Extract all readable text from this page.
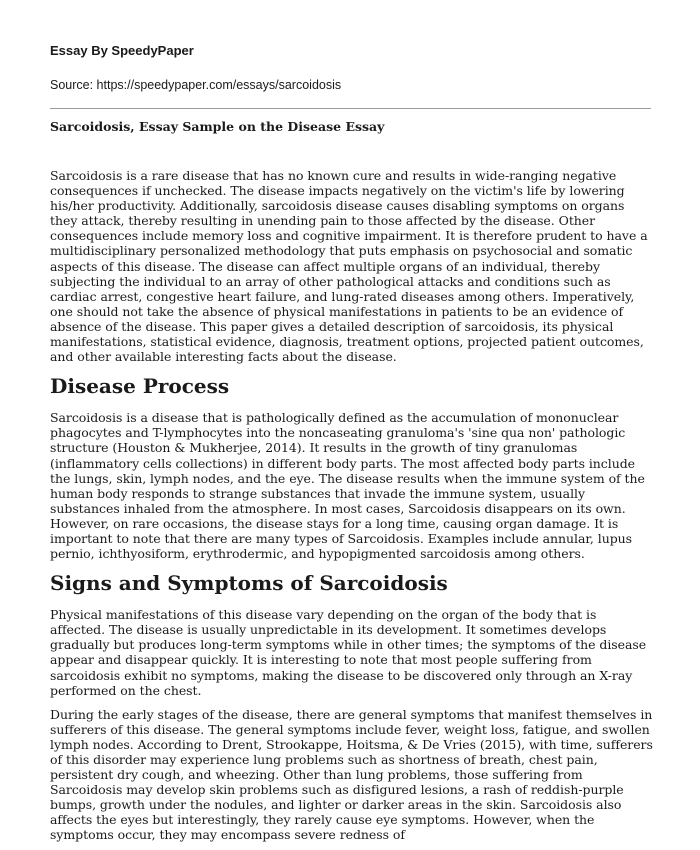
Essay By SpeedyPaper

Source: https://speedypaper.com/essays/sarcoidosis

Sarcoidosis, Essay Sample on the Disease Essay

Sarcoidosis is a rare disease that has no known cure and results in wide-ranging negative consequences if unchecked. The disease impacts negatively on the victim's life by lowering his/her productivity. Additionally, sarcoidosis disease causes disabling symptoms on organs they attack, thereby resulting in unending pain to those affected by the disease. Other consequences include memory loss and cognitive impairment. It is therefore prudent to have a multidisciplinary personalized methodology that puts emphasis on psychosocial and somatic aspects of this disease. The disease can affect multiple organs of an individual, thereby subjecting the individual to an array of other pathological attacks and conditions such as cardiac arrest, congestive heart failure, and lung-rated diseases among others. Imperatively, one should not take the absence of physical manifestations in patients to be an evidence of absence of the disease. This paper gives a detailed description of sarcoidosis, its physical manifestations, statistical evidence, diagnosis, treatment options, projected patient outcomes, and other available interesting facts about the disease.

Disease Process

Sarcoidosis is a disease that is pathologically defined as the accumulation of mononuclear phagocytes and T-lymphocytes into the noncaseating granuloma's 'sine qua non' pathologic structure (Houston & Mukherjee, 2014). It results in the growth of tiny granulomas (inflammatory cells collections) in different body parts. The most affected body parts include the lungs, skin, lymph nodes, and the eye. The disease results when the immune system of the human body responds to strange substances that invade the immune system, usually substances inhaled from the atmosphere. In most cases, Sarcoidosis disappears on its own. However, on rare occasions, the disease stays for a long time, causing organ damage. It is important to note that there are many types of Sarcoidosis. Examples include annular, lupus pernio, ichthyosiform, erythrodermic, and hypopigmented sarcoidosis among others.

Signs and Symptoms of Sarcoidosis

Physical manifestations of this disease vary depending on the organ of the body that is affected. The disease is usually unpredictable in its development. It sometimes develops gradually but produces long-term symptoms while in other times; the symptoms of the disease appear and disappear quickly. It is interesting to note that most people suffering from sarcoidosis exhibit no symptoms, making the disease to be discovered only through an X-ray performed on the chest.

During the early stages of the disease, there are general symptoms that manifest themselves in sufferers of this disease. The general symptoms include fever, weight loss, fatigue, and swollen lymph nodes. According to Drent, Strookappe, Hoitsma, & De Vries (2015), with time, sufferers of this disorder may experience lung problems such as shortness of breath, chest pain, persistent dry cough, and wheezing. Other than lung problems, those suffering from Sarcoidosis may develop skin problems such as disfigured lesions, a rash of reddish-purple bumps, growth under the nodules, and lighter or darker areas in the skin. Sarcoidosis also affects the eyes but interestingly, they rarely cause eye symptoms. However, when the symptoms occur, they may encompass severe redness of
